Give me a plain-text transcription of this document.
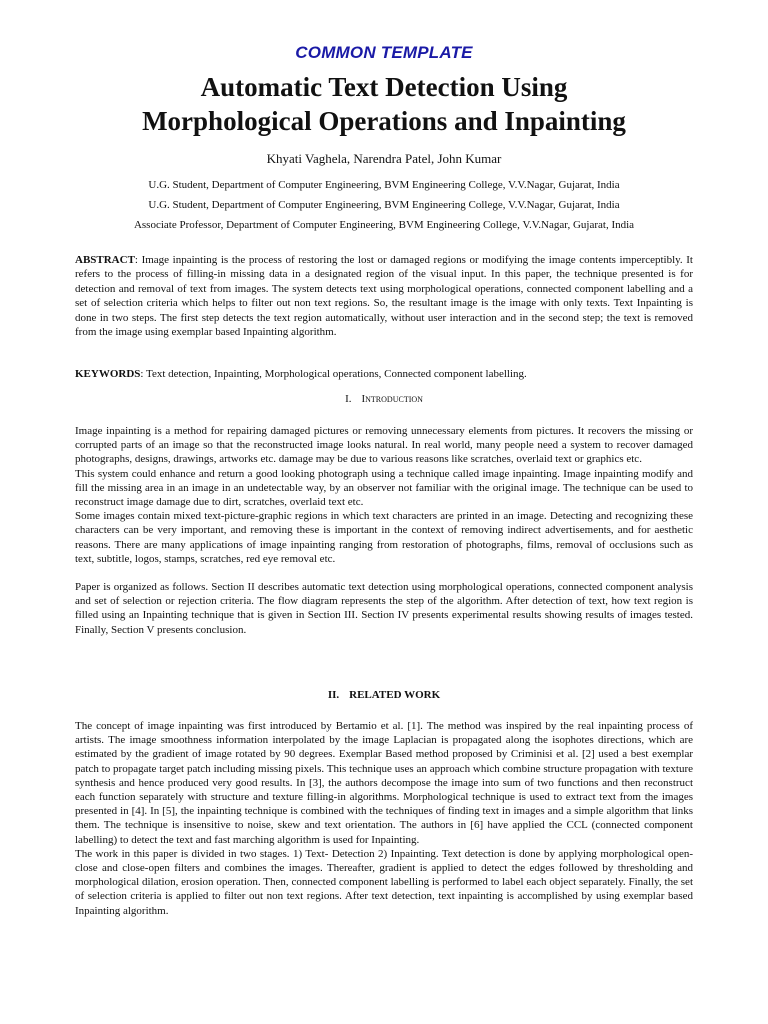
COMMON TEMPLATE
Automatic Text Detection Using
Morphological Operations and Inpainting
Khyati Vaghela, Narendra Patel, John Kumar
U.G. Student, Department of Computer Engineering, BVM Engineering College, V.V.Nagar, Gujarat, India
U.G. Student, Department of Computer Engineering, BVM Engineering College, V.V.Nagar, Gujarat, India
Associate Professor, Department of Computer Engineering, BVM Engineering College, V.V.Nagar, Gujarat, India

ABSTRACT: Image inpainting is the process of restoring the lost or damaged regions or modifying the image contents imperceptibly. It refers to the process of filling-in missing data in a designated region of the visual input. In this paper, the technique presented is for detection and removal of text from images. The system detects text using morphological operations, connected component labelling and a set of selection criteria which helps to filter out non text regions. So, the resultant image is the image with only texts. Text Inpainting is done in two steps. The first step detects the text region automatically, without user interaction and in the second step; the text is removed from the image using exemplar based Inpainting algorithm.

KEYWORDS: Text detection, Inpainting, Morphological operations, Connected component labelling.

I. Introduction

Image inpainting is a method for repairing damaged pictures or removing unnecessary elements from pictures. It recovers the missing or corrupted parts of an image so that the reconstructed image looks natural. In real world, many people need a system to recover damaged photographs, designs, drawings, artworks etc. damage may be due to various reasons like scratches, overlaid text or graphics etc.

This system could enhance and return a good looking photograph using a technique called image inpainting. Image inpainting modify and fill the missing area in an image in an undetectable way, by an observer not familiar with the original image. The technique can be used to reconstruct image damage due to dirt, scratches, overlaid text etc.

Some images contain mixed text-picture-graphic regions in which text characters are printed in an image. Detecting and recognizing these characters can be very important, and removing these is important in the context of removing indirect advertisements, and for aesthetic reasons. There are many applications of image inpainting ranging from restoration of photographs, films, removal of occlusions such as text, subtitle, logos, stamps, scratches, red eye removal etc.

Paper is organized as follows. Section II describes automatic text detection using morphological operations, connected component analysis and set of selection or rejection criteria. The flow diagram represents the step of the algorithm. After detection of text, how text region is filled using an Inpainting technique that is given in Section III. Section IV presents experimental results showing results of images tested. Finally, Section V presents conclusion.

II. RELATED WORK

The concept of image inpainting was first introduced by Bertamio et al. [1]. The method was inspired by the real inpainting process of artists. The image smoothness information interpolated by the image Laplacian is propagated along the isophotes directions, which are estimated by the gradient of image rotated by 90 degrees. Exemplar Based method proposed by Criminisi et al. [2] used a best exemplar patch to propagate target patch including missing pixels. This technique uses an approach which combine structure propagation with texture synthesis and hence produced very good results. In [3], the authors decompose the image into sum of two functions and then reconstruct each function separately with structure and texture filling-in algorithms. Morphological technique is used to extract text from the images presented in [4]. In [5], the inpainting technique is combined with the techniques of finding text in images and a simple algorithm that links them. The technique is insensitive to noise, skew and text orientation. The authors in [6] have applied the CCL (connected component labelling) to detect the text and fast marching algorithm is used for Inpainting.

The work in this paper is divided in two stages. 1) Text- Detection 2) Inpainting. Text detection is done by applying morphological open-close and close-open filters and combines the images. Thereafter, gradient is applied to detect the edges followed by thresholding and morphological dilation, erosion operation. Then, connected component labelling is performed to label each object separately. Finally, the set of selection criteria is applied to filter out non text regions. After text detection, text inpainting is accomplished by using exemplar based Inpainting algorithm.
